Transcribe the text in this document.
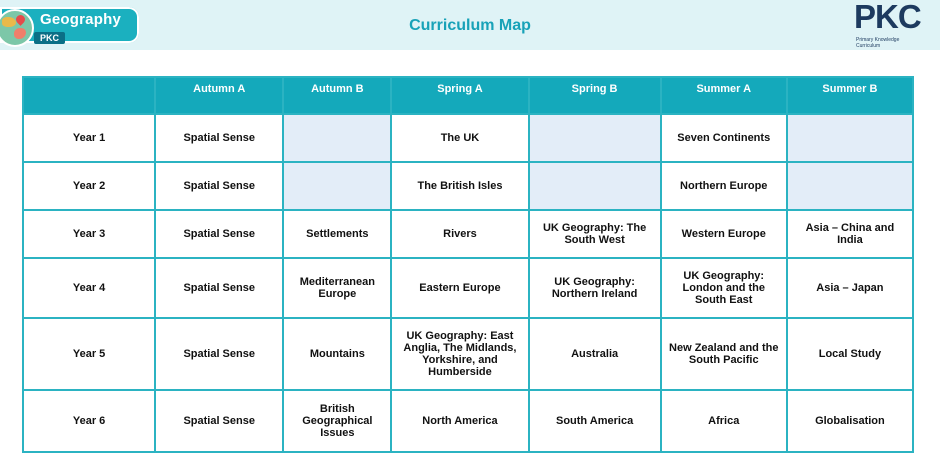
Geography
PKC
Curriculum Map	PKC
Primary Knowledge
Curriculum
	Autumn A	Autumn B	Spring A	Spring B	Summer A	Summer B
Year 1	Spatial Sense		The UK		Seven Continents	
Year 2	Spatial Sense		The British Isles		Northern Europe	
Year 3	Spatial Sense	Settlements	Rivers	UK Geography: The South West	Western Europe	Asia – China and India
Year 4	Spatial Sense	Mediterranean Europe	Eastern Europe	UK Geography: Northern Ireland	UK Geography: London and the South East	Asia – Japan
Year 5	Spatial Sense	Mountains	UK Geography: East Anglia, The Midlands, Yorkshire, and Humberside	Australia	New Zealand and the South Pacific	Local Study
Year 6	Spatial Sense	British Geographical Issues	North America	South America	Africa	Globalisation
